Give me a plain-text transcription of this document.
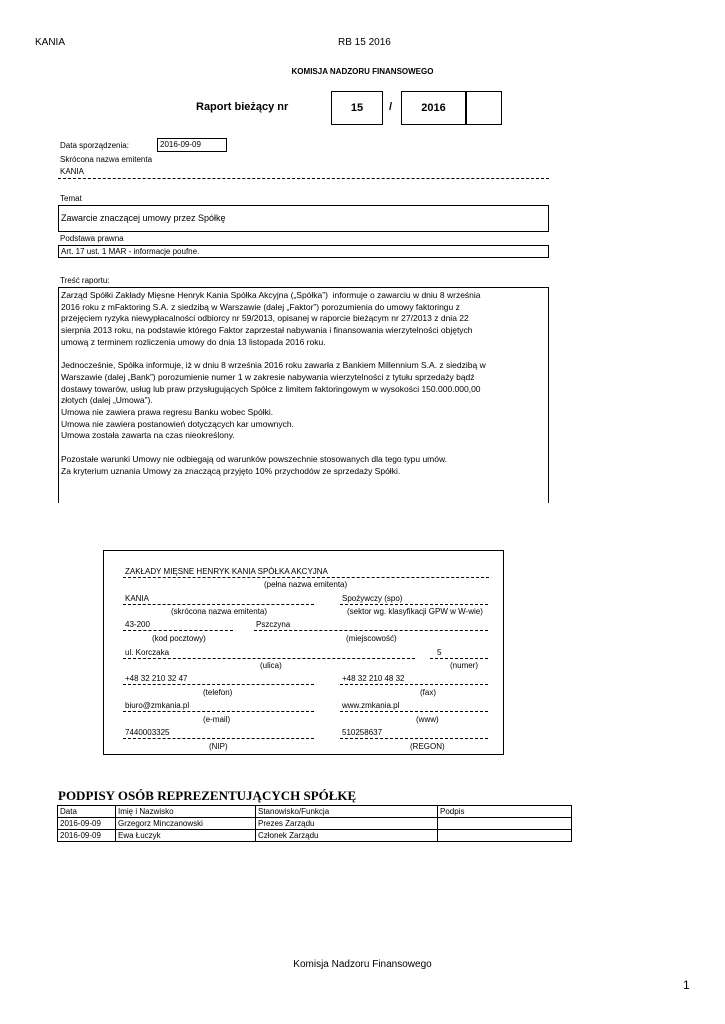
KANIA	RB 15 2016
KOMISJA NADZORU FINANSOWEGO
Raport bieżący nr	15	/	2016
Data sporządzenia:	2016-09-09
Skrócona nazwa emitenta
KANIA
Temat
Zawarcie znaczącej umowy przez Spółkę
Podstawa prawna
Art. 17 ust. 1 MAR - informacje poufne.
Treść raportu:
Zarząd Spółki Zakłady Mięsne Henryk Kania Spółka Akcyjna („Spółka”)  informuje o zawarciu w dniu 8 września
2016 roku z mFaktoring S.A. z siedzibą w Warszawie (dalej „Faktor”) porozumienia do umowy faktoringu z
przejęciem ryzyka niewypłacalności odbiorcy nr 59/2013, opisanej w raporcie bieżącym nr 27/2013 z dnia 22
sierpnia 2013 roku, na podstawie którego Faktor zaprzestał nabywania i finansowania wierzytelności objętych
umową z terminem rozliczenia umowy do dnia 13 listopada 2016 roku.

Jednocześnie, Spółka informuje, iż w dniu 8 września 2016 roku zawarła z Bankiem Millennium S.A. z siedzibą w
Warszawie (dalej „Bank”) porozumienie numer 1 w zakresie nabywania wierzytelności z tytułu sprzedaży bądź
dostawy towarów, usług lub praw przysługujących Spółce z limitem faktoringowym w wysokości 150.000.000,00
złotych (dalej „Umowa”).
Umowa nie zawiera prawa regresu Banku wobec Spółki.
Umowa nie zawiera postanowień dotyczących kar umownych.
Umowa została zawarta na czas nieokreślony.

Pozostałe warunki Umowy nie odbiegają od warunków powszechnie stosowanych dla tego typu umów.
Za kryterium uznania Umowy za znaczącą przyjęto 10% przychodów ze sprzedaży Spółki.
ZAKŁADY MIĘSNE HENRYK KANIA SPÓŁKA AKCYJNA
(pełna nazwa emitenta)
KANIA
(skrócona nazwa emitenta)
Spożywczy (spo)
(sektor wg. klasyfikacji GPW w W-wie)
43-200
(kod pocztowy)
Pszczyna
(miejscowość)
ul. Korczaka
(ulica)
5
(numer)
+48 32 210 32 47
(telefon)
+48 32 210 48 32
(fax)
biuro@zmkania.pl
(e-mail)
www.zmkania.pl
(www)
7440003325
(NIP)
510258637
(REGON)
PODPISY OSÓB REPREZENTUJĄCYCH SPÓŁKĘ
Data	Imię i Nazwisko	Stanowisko/Funkcja	Podpis
2016-09-09	Grzegorz Minczanowski	Prezes Zarządu	
2016-09-09	Ewa Łuczyk	Członek Zarządu	
Komisja Nadzoru Finansowego
1
